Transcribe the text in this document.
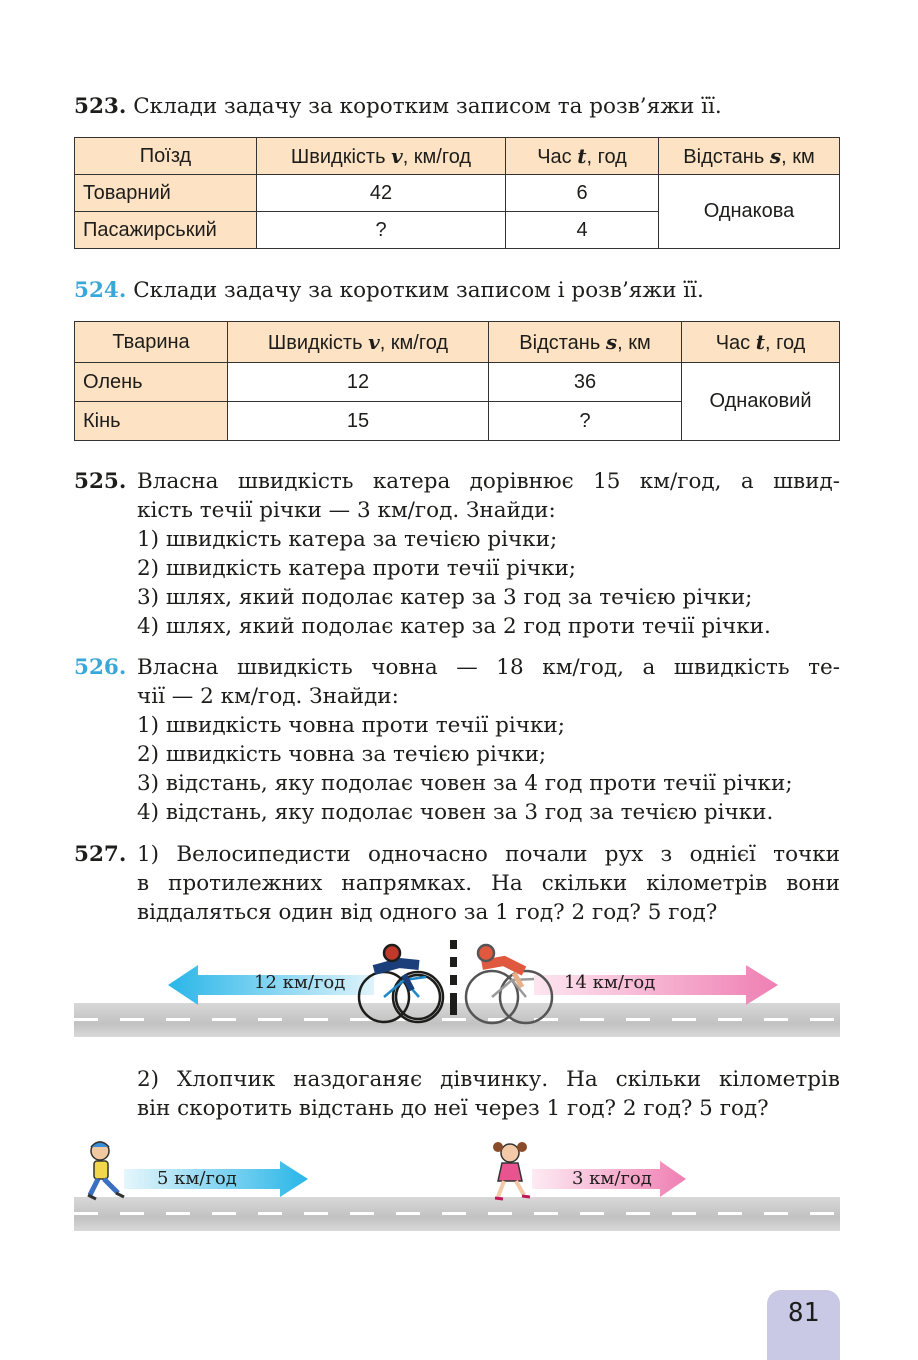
523. Склади задачу за коротким записом та розв’яжи її.
Поїзд	Швидкість v, км/год	Час t, год	Відстань s, км
Товарний	42	6	Однакова
Пасажирський	?	4	
524. Склади задачу за коротким записом і розв’яжи її.
Тварина	Швидкість v, км/год	Відстань s, км	Час t, год
Олень	12	36	Однаковий
Кінь	15	?	
525. Власна швидкість катера дорівнює 15 км/год, а швид-
кість течії річки — 3 км/год. Знайди:
1) швидкість катера за течією річки;
2) швидкість катера проти течії річки;
3) шлях, який подолає катер за 3 год за течією річки;
4) шлях, який подолає катер за 2 год проти течії річки.
526. Власна швидкість човна — 18 км/год, а швидкість те-
чії — 2 км/год. Знайди:
1) швидкість човна проти течії річки;
2) швидкість човна за течією річки;
3) відстань, яку подолає човен за 4 год проти течії річки;
4) відстань, яку подолає човен за 3 год за течією річки.
527. 1) Велосипедисти одночасно почали рух з однієї точки
в протилежних напрямках. На скільки кілометрів вони
віддаляться один від одного за 1 год? 2 год? 5 год?
12 км/год	14 км/год
2) Хлопчик наздоганяє дівчинку. На скільки кілометрів
він скоротить відстань до неї через 1 год? 2 год? 5 год?
5 км/год	3 км/год
81
